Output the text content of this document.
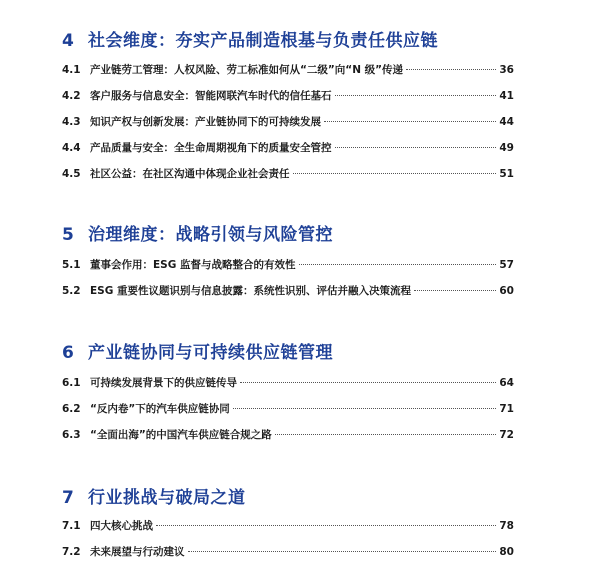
4 社会维度：夯实产品制造根基与负责任供应链
4.1 产业链劳工管理：人权风险、劳工标准如何从“二级”向“N 级”传递	36
4.2 客户服务与信息安全：智能网联汽车时代的信任基石	41
4.3 知识产权与创新发展：产业链协同下的可持续发展	44
4.4 产品质量与安全：全生命周期视角下的质量安全管控	49
4.5 社区公益：在社区沟通中体现企业社会责任	51
5 治理维度：战略引领与风险管控
5.1 董事会作用：ESG 监督与战略整合的有效性	57
5.2 ESG 重要性议题识别与信息披露：系统性识别、评估并融入决策流程	60
6 产业链协同与可持续供应链管理
6.1 可持续发展背景下的供应链传导	64
6.2 “反内卷”下的汽车供应链协同	71
6.3 “全面出海”的中国汽车供应链合规之路	72
7 行业挑战与破局之道
7.1 四大核心挑战	78
7.2 未来展望与行动建议	80
